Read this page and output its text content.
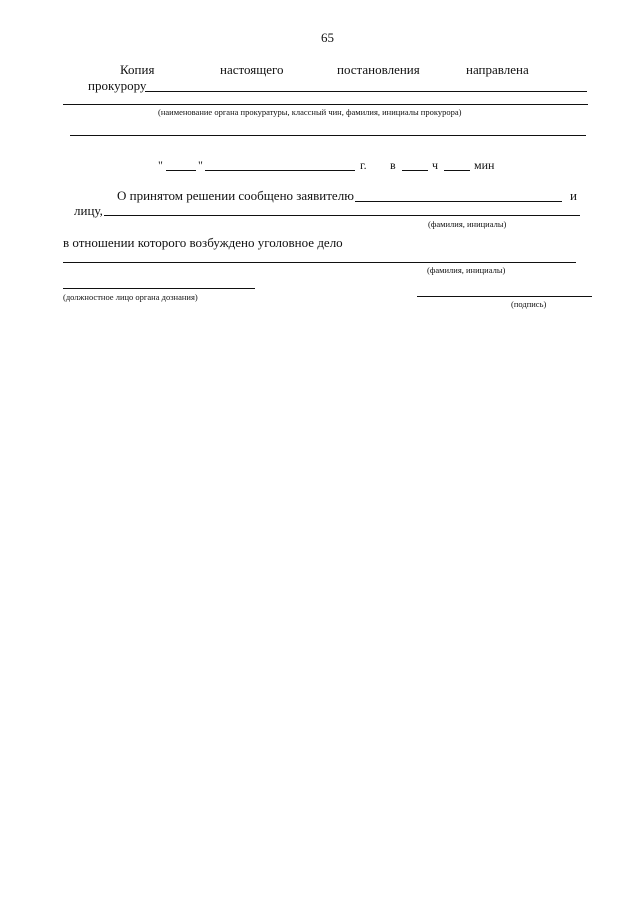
65
Копия	настоящего	постановления	направлена
прокурору
(наименование органа прокуратуры, классный чин, фамилия, инициалы прокурора)
"	"	г. в	ч	мин
О принятом решении сообщено заявителю	и
лицу,
(фамилия, инициалы)
в отношении которого возбуждено уголовное дело
(фамилия, инициалы)
(должностное лицо органа дознания)
(подпись)
